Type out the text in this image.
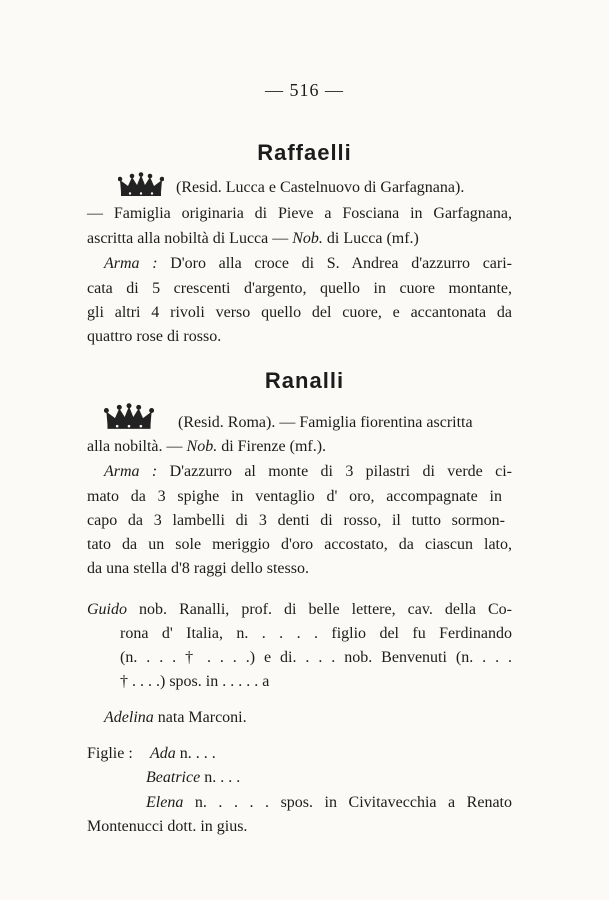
— 516 —
Raffaelli
(Resid. Lucca e Castelnuovo di Garfagnana).
— Famiglia originaria di Pieve a Fosciana in Garfagnana,
ascritta alla nobiltà di Lucca — Nob. di Lucca (mf.)
Arma : D'oro alla croce di S. Andrea d'azzurro cari-
cata di 5 crescenti d'argento, quello in cuore montante,
gli altri 4 rivoli verso quello del cuore, e accantonata da
quattro rose di rosso.
Ranalli
(Resid. Roma). — Famiglia fiorentina ascritta
alla nobiltà. — Nob. di Firenze (mf.).
Arma : D'azzurro al monte di 3 pilastri di verde ci-
mato da 3 spighe in ventaglio d' oro, accompagnate in
capo da 3 lambelli di 3 denti di rosso, il tutto sormon-
tato da un sole meriggio d'oro accostato, da ciascun lato,
da una stella d'8 raggi dello stesso.
Guido nob. Ranalli, prof. di belle lettere, cav. della Co-
rona d' Italia, n. . . . . figlio del fu Ferdinando
(n. . . . † . . . .) e di. . . . nob. Benvenuti (n. . . .
† . . . .) spos. in . . . . . a
Adelina nata Marconi.
Figlie : Ada n. . . .
Beatrice n. . . .
Elena n. . . . . spos. in Civitavecchia a Renato
Montenucci dott. in gius.
